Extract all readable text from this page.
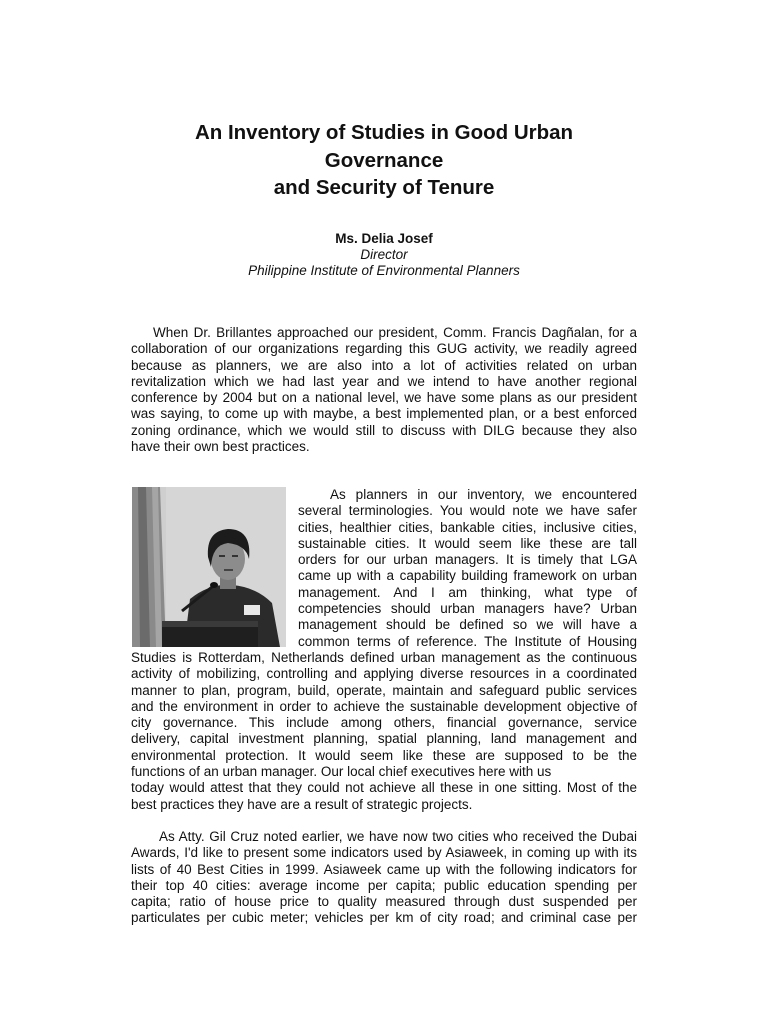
An Inventory of Studies in Good Urban
Governance
and Security of Tenure

Ms. Delia Josef

Director

Philippine Institute of Environmental Planners

When Dr. Brillantes approached our president, Comm. Francis Dagñalan, for a
collaboration of our organizations regarding this GUG activity, we readily agreed
because as planners, we are also into a lot of activities related on urban
revitalization which we had last year and we intend to have another regional
conference by 2004 but on a national level, we have some plans as our president
was saying, to come up with maybe, a best implemented plan, or a best enforced
zoning ordinance, which we would still to discuss with DILG because they also
have their own best practices.

As planners in our inventory, we encountered
several terminologies. You would note we have safer
cities, healthier cities, bankable cities, inclusive cities,
sustainable cities. It would seem like these are tall
orders for our urban managers. It is timely that LGA
came up with a capability building framework on urban
management. And I am thinking, what type of
competencies should urban managers have? Urban
management should be defined so we will have a
common terms of reference. The Institute of Housing

Studies is Rotterdam, Netherlands defined urban management as the continuous
activity of mobilizing, controlling and applying diverse resources in a coordinated
manner to plan, program, build, operate, maintain and safeguard public services
and the environment in order to achieve the sustainable development objective of
city governance. This include among others, financial governance, service
delivery, capital investment planning, spatial planning, land management and
environmental protection. It would seem like these are supposed to be the
functions of an urban manager. Our local chief executives here with us
today would attest that they could not achieve all these in one sitting. Most of the
best practices they have are a result of strategic projects.

As Atty. Gil Cruz noted earlier, we have now two cities who received the Dubai
Awards, I'd like to present some indicators used by Asiaweek, in coming up with its
lists of 40 Best Cities in 1999. Asiaweek came up with the following indicators for
their top 40 cities: average income per capita; public education spending per
capita; ratio of house price to quality measured through dust suspended per
particulates per cubic meter; vehicles per km of city road; and criminal case per
